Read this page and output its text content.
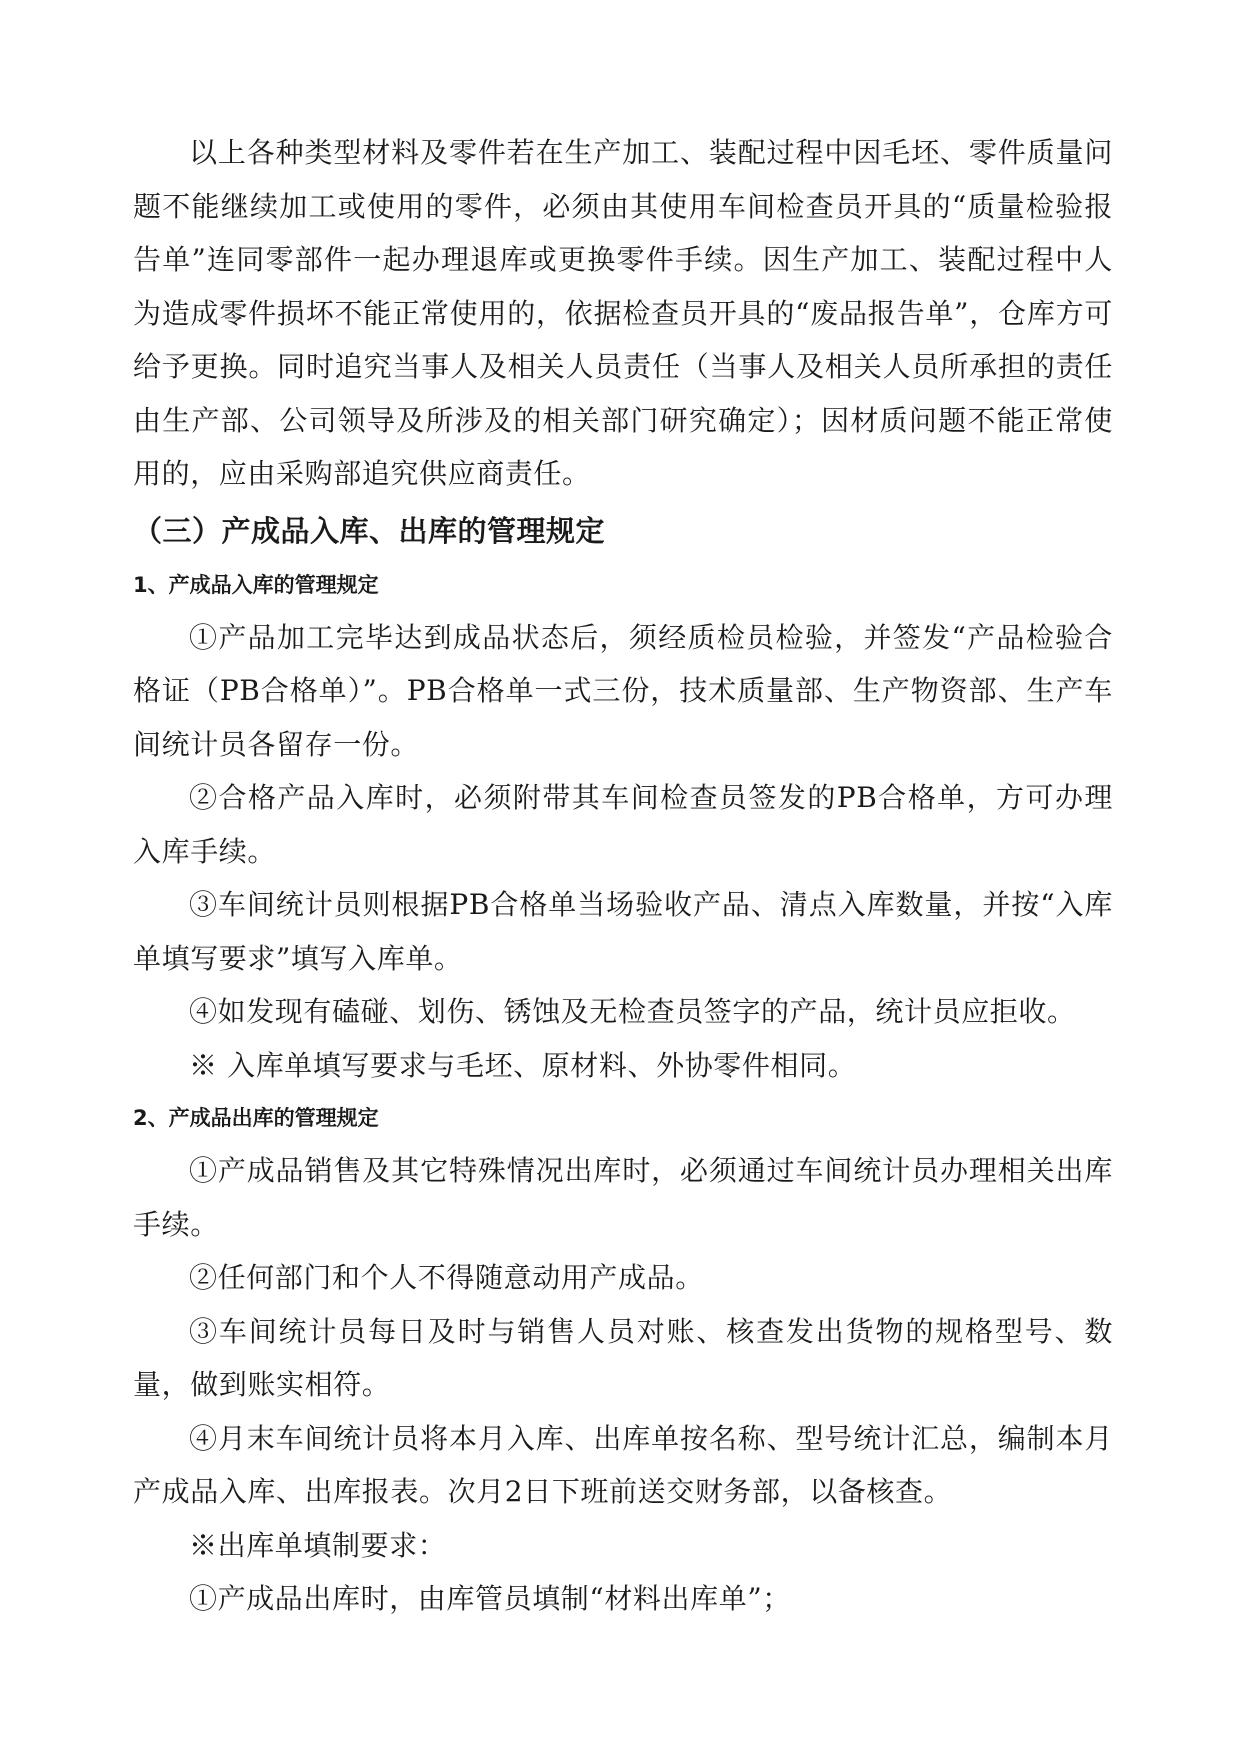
以上各种类型材料及零件若在生产加工、装配过程中因毛坯、零件质量问题不能继续加工或使用的零件，必须由其使用车间检查员开具的“质量检验报告单”连同零部件一起办理退库或更换零件手续。因生产加工、装配过程中人为造成零件损坏不能正常使用的，依据检查员开具的“废品报告单”，仓库方可给予更换。同时追究当事人及相关人员责任（当事人及相关人员所承担的责任由生产部、公司领导及所涉及的相关部门研究确定）；因材质问题不能正常使用的，应由采购部追究供应商责任。

（三）产成品入库、出库的管理规定
1、产成品入库的管理规定

①产品加工完毕达到成品状态后，须经质检员检验，并签发“产品检验合格证（PB合格单）”。PB合格单一式三份，技术质量部、生产物资部、生产车间统计员各留存一份。

②合格产品入库时，必须附带其车间检查员签发的PB合格单，方可办理入库手续。

③车间统计员则根据PB合格单当场验收产品、清点入库数量，并按“入库单填写要求”填写入库单。

④如发现有磕碰、划伤、锈蚀及无检查员签字的产品，统计员应拒收。

※ 入库单填写要求与毛坯、原材料、外协零件相同。

2、产成品出库的管理规定

①产成品销售及其它特殊情况出库时，必须通过车间统计员办理相关出库手续。

②任何部门和个人不得随意动用产成品。

③车间统计员每日及时与销售人员对账、核查发出货物的规格型号、数量，做到账实相符。

④月末车间统计员将本月入库、出库单按名称、型号统计汇总，编制本月产成品入库、出库报表。次月2日下班前送交财务部，以备核查。

※出库单填制要求：

①产成品出库时，由库管员填制“材料出库单”；
